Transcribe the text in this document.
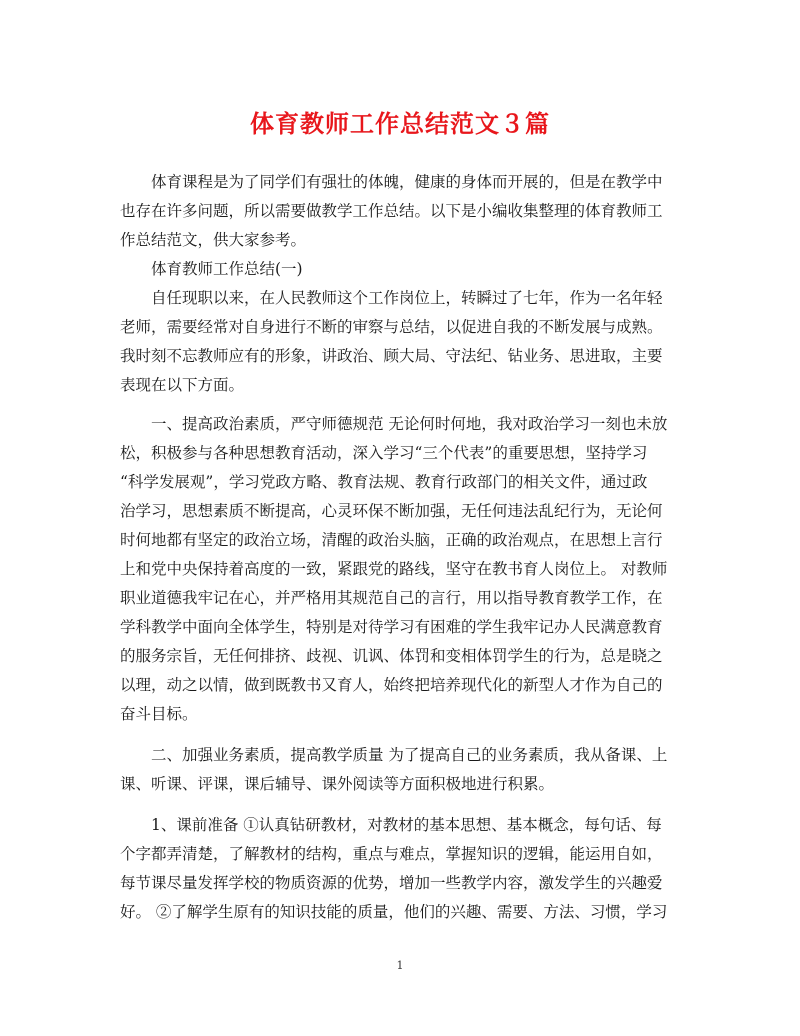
体育教师工作总结范文３篇
　　体育课程是为了同学们有强壮的体魄，健康的身体而开展的，但是在教学中
也存在许多问题，所以需要做教学工作总结。以下是小编收集整理的体育教师工
作总结范文，供大家参考。
　　体育教师工作总结(一)
　　自任现职以来，在人民教师这个工作岗位上，转瞬过了七年，作为一名年轻
老师，需要经常对自身进行不断的审察与总结，以促进自我的不断发展与成熟。
我时刻不忘教师应有的形象，讲政治、顾大局、守法纪、钻业务、思进取，主要
表现在以下方面。
　　一、提高政治素质，严守师德规范 无论何时何地，我对政治学习一刻也未放
松，积极参与各种思想教育活动，深入学习“三个代表”的重要思想，坚持学习
“科学发展观”，学习党政方略、教育法规、教育行政部门的相关文件，通过政
治学习，思想素质不断提高，心灵环保不断加强，无任何违法乱纪行为，无论何
时何地都有坚定的政治立场，清醒的政治头脑，正确的政治观点，在思想上言行
上和党中央保持着高度的一致，紧跟党的路线，坚守在教书育人岗位上。 对教师
职业道德我牢记在心，并严格用其规范自己的言行，用以指导教育教学工作，在
学科教学中面向全体学生，特别是对待学习有困难的学生我牢记办人民满意教育
的服务宗旨，无任何排挤、歧视、讥讽、体罚和变相体罚学生的行为，总是晓之
以理，动之以情，做到既教书又育人，始终把培养现代化的新型人才作为自己的
奋斗目标。
　　二、加强业务素质，提高教学质量 为了提高自己的业务素质，我从备课、上
课、听课、评课，课后辅导、课外阅读等方面积极地进行积累。
　　1、课前准备 ①认真钻研教材，对教材的基本思想、基本概念，每句话、每
个字都弄清楚，了解教材的结构，重点与难点，掌握知识的逻辑，能运用自如，
每节课尽量发挥学校的物质资源的优势，增加一些教学内容，激发学生的兴趣爱
好。 ②了解学生原有的知识技能的质量，他们的兴趣、需要、方法、习惯，学习
1
